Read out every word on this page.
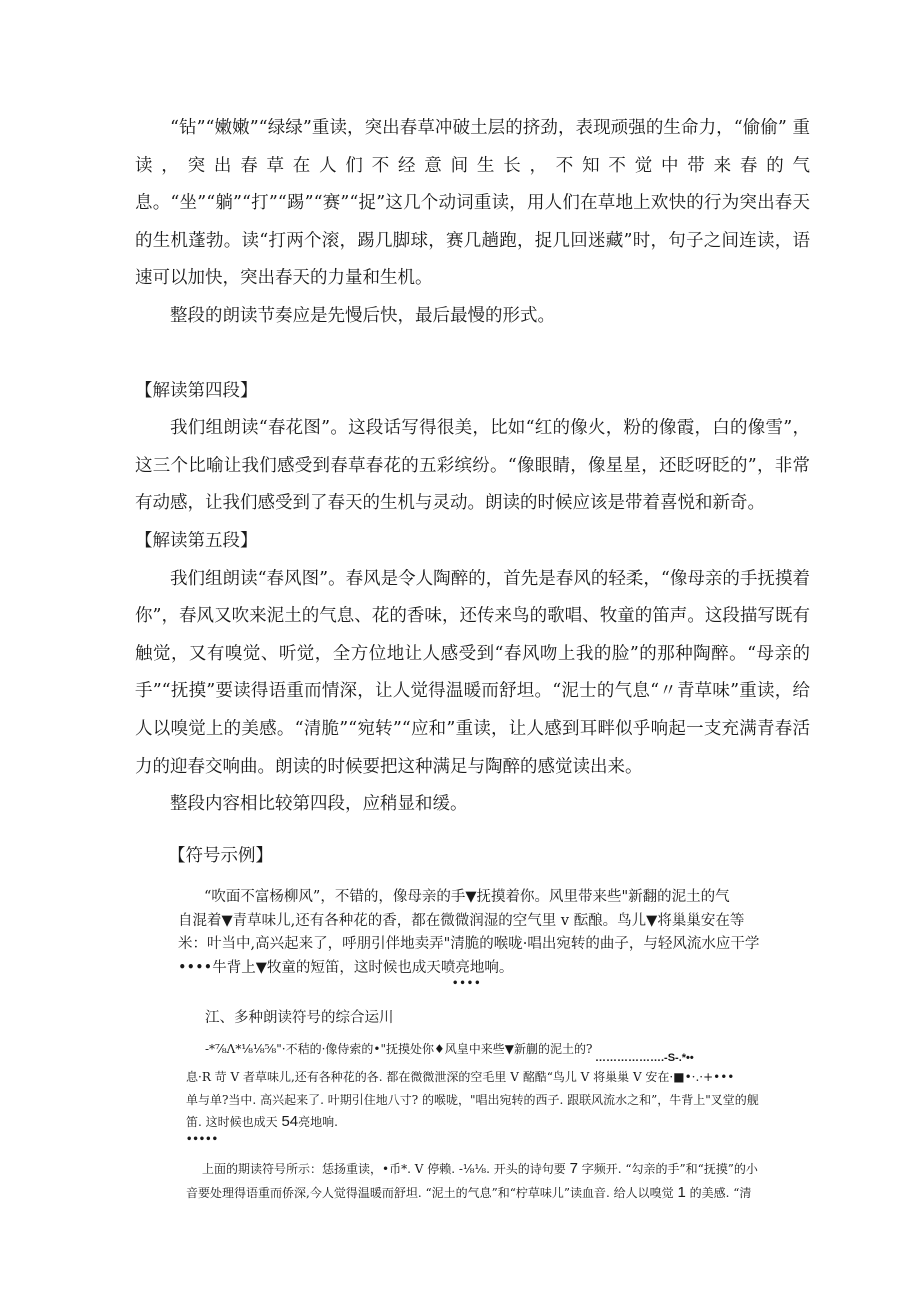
“钻”“嫩嫩”“绿绿”重读，突出春草冲破土层的挤劲，表现顽强的生命力，“偷偷” 重读，突出春草在人们不经意间生长，不知不觉中带来春的气息。“坐”“躺”“打”“踢”“赛”“捉”这几个动词重读，用人们在草地上欢快的行为突出春天的生机蓬勃。读“打两个滚，踢几脚球，赛几趟跑，捉几回迷藏”时，句子之间连读，语速可以加快，突出春天的力量和生机。

整段的朗读节奏应是先慢后快，最后最慢的形式。

【解读第四段】

我们组朗读“春花图”。这段话写得很美，比如“红的像火，粉的像霞，白的像雪”，这三个比喻让我们感受到春草春花的五彩缤纷。“像眼睛，像星星，还眨呀眨的”，非常有动感，让我们感受到了春天的生机与灵动。朗读的时候应该是带着喜悦和新奇。

【解读第五段】

我们组朗读“春风图”。春风是令人陶醉的，首先是春风的轻柔，“像母亲的手抚摸着你”，春风又吹来泥土的气息、花的香味，还传来鸟的歌唱、牧童的笛声。这段描写既有触觉，又有嗅觉、听觉，全方位地让人感受到“春风吻上我的脸”的那种陶醉。“母亲的手”“抚摸”要读得语重而情深，让人觉得温暖而舒坦。“泥士的气息“〃青草味”重读，给人以嗅觉上的美感。“清脆”“宛转”“应和”重读，让人感到耳畔似乎响起一支充满青春活力的迎春交响曲。朗读的时候要把这种满足与陶醉的感觉读出来。

整段内容相比较第四段，应稍显和缓。

【符号示例】

“吹面不富杨柳风”，不错的，像母亲的手▼抚摸着你。风里带来些"新翻的泥土的气

自混着▼青草味儿,还有各种花的香，都在微微润湿的空气里 v 酝酿。鸟儿▼将巢巢安在等

米：叶当中,高兴起来了，呼朋引伴地卖弄"清脆的喉咙·唱出宛转的曲子，与轻风流水应干学

••••牛背上▼牧童的短笛，这时候也成天喷亮地响。

••••

江、多种朗读符号的综合运川

-*⅞Λ*⅛⅛⅝"·不秸的·像侍索的•"抚摸处你♦风皇中来些▼新蒯的泥土的?
……………….-S-.*••

息·R 苛 V 者草味儿,还有各种花的各. 都在微微泄深的空毛里 V 酩酷“鸟儿 V 将巢巢 V 安在·■•·.·+•••

单与单?当中. 高兴起来了. 叶期引住地八寸? 的喉咙，"唱出宛转的西子. 跟联风流水之和”，牛背上"叉堂的舰

笛. 这时候也成天 54亮地响.

•••••

上面的期读符号所示：恁扬重读，•币*. V 停赖. -⅛⅛. 开头的诗句要 7 字频开. “勾亲的手”和“抚摸”的小

音要处理得语重而侨深,今人觉得温暖而舒坦. “泥土的气息”和“柠草味儿”读血音. 给人以嗅觉 1 的美感. “清
